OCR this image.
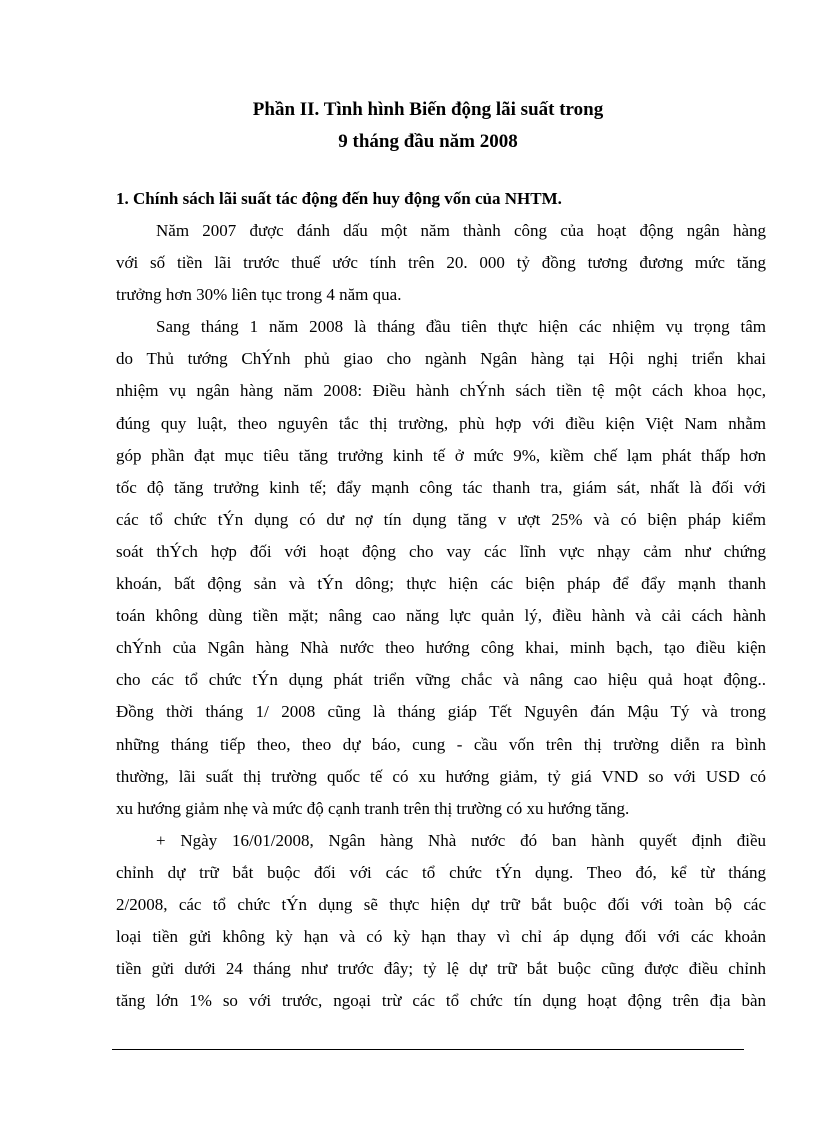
Phần II. Tình hình Biến động lãi suất trong
9 tháng đầu năm 2008
1. Chính sách lãi suất tác động đến huy động vốn của NHTM.
Năm 2007 được đánh dấu một năm thành công của hoạt động ngân hàng
với số tiền lãi trước thuế ước tính trên 20. 000 tỷ đồng tương đương mức tăng
trưởng hơn 30% liên tục trong 4 năm qua.
Sang tháng 1 năm 2008 là tháng đầu tiên thực hiện các nhiệm vụ trọng tâm
do Thủ tướng ChÝnh phủ giao cho ngành Ngân hàng tại Hội nghị triển khai
nhiệm vụ ngân hàng năm 2008: Điều hành chÝnh sách tiền tệ một cách khoa học,
đúng quy luật, theo nguyên tắc thị trường, phù hợp với điều kiện Việt Nam nhằm
góp phần đạt mục tiêu tăng trưởng kinh tế ở mức 9%, kiềm chế lạm phát thấp hơn
tốc độ tăng trưởng kinh tế; đẩy mạnh công tác thanh tra, giám sát, nhất là đối với
các tổ chức tÝn dụng có dư nợ tín dụng tăng v ượt 25% và có biện pháp kiểm
soát thÝch hợp đối với hoạt động cho vay các lĩnh vực nhạy cảm như chứng
khoán, bất động sản và tÝn dông; thực hiện các biện pháp để đẩy mạnh thanh
toán không dùng tiền mặt; nâng cao năng lực quản lý, điều hành và cải cách hành
chÝnh của Ngân hàng Nhà nước theo hướng công khai, minh bạch, tạo điều kiện
cho các tổ chức tÝn dụng phát triển vững chắc và nâng cao hiệu quả hoạt động..
Đồng thời tháng 1/ 2008 cũng là tháng giáp Tết Nguyên đán Mậu Tý và trong
những tháng tiếp theo, theo dự báo, cung - cầu vốn trên thị trường diễn ra bình
thường, lãi suất thị trường quốc tế có xu hướng giảm, tỷ giá VND so với USD có
xu hướng giảm nhẹ và mức độ cạnh tranh trên thị trường có xu hướng tăng.
+ Ngày 16/01/2008, Ngân hàng Nhà nước đó ban hành quyết định điều
chỉnh dự trữ bắt buộc đối với các tổ chức tÝn dụng. Theo đó, kể từ tháng
2/2008, các tổ chức tÝn dụng sẽ thực hiện dự trữ bắt buộc đối với toàn bộ các
loại tiền gửi không kỳ hạn và có kỳ hạn thay vì chỉ áp dụng đối với các khoản
tiền gửi dưới 24 tháng như trước đây; tỷ lệ dự trữ bắt buộc cũng được điều chỉnh
tăng lớn 1% so với trước, ngoại trừ các tổ chức tín dụng hoạt động trên địa bàn
